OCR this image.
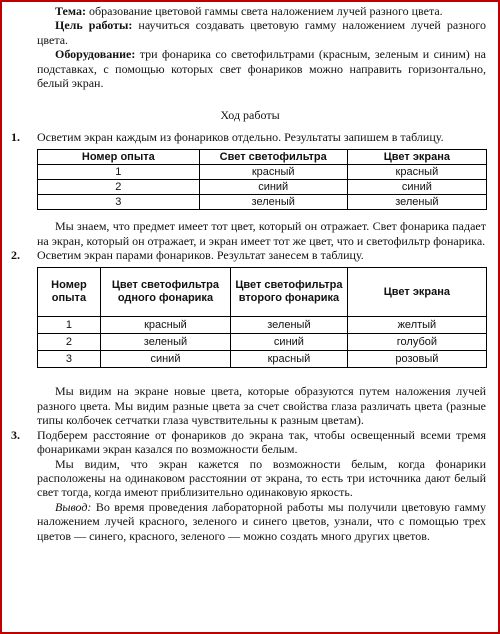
Тема: образование цветовой гаммы света наложением лучей разного цвета.

Цель работы: научиться создавать цветовую гамму наложением лучей разного цвета.

Оборудование: три фонарика со светофильтрами (красным, зеленым и синим) на подставках, с помощью которых свет фонариков можно направить горизонтально, белый экран.

Ход работы

1. Осветим экран каждым из фонариков отдельно. Результаты запишем в таблицу.

Номер опыта	Свет светофильтра	Цвет экрана
1	красный	красный
2	синий	синий
3	зеленый	зеленый

Мы знаем, что предмет имеет тот цвет, который он отражает. Свет фонарика падает на экран, который он отражает, и экран имеет тот же цвет, что и светофильтр фонарика.

2. Осветим экран парами фонариков. Результат занесем в таблицу.

Номер опыта	Цвет светофильтра одного фонарика	Цвет светофильтра второго фонарика	Цвет экрана
1	красный	зеленый	желтый
2	зеленый	синий	голубой
3	синий	красный	розовый

Мы видим на экране новые цвета, которые образуются путем наложения лучей разного цвета. Мы видим разные цвета за счет свойства глаза различать цвета (разные типы колбочек сетчатки глаза чувствительны к разным цветам).

3. Подберем расстояние от фонариков до экрана так, чтобы освещенный всеми тремя фонариками экран казался по возможности белым.

Мы видим, что экран кажется по возможности белым, когда фонарики расположены на одинаковом расстоянии от экрана, то есть три источника дают белый свет тогда, когда имеют приблизительно одинаковую яркость.

Вывод: Во время проведения лабораторной работы мы получили цветовую гамму наложением лучей красного, зеленого и синего цветов, узнали, что с помощью трех цветов — синего, красного, зеленого — можно создать много других цветов.
